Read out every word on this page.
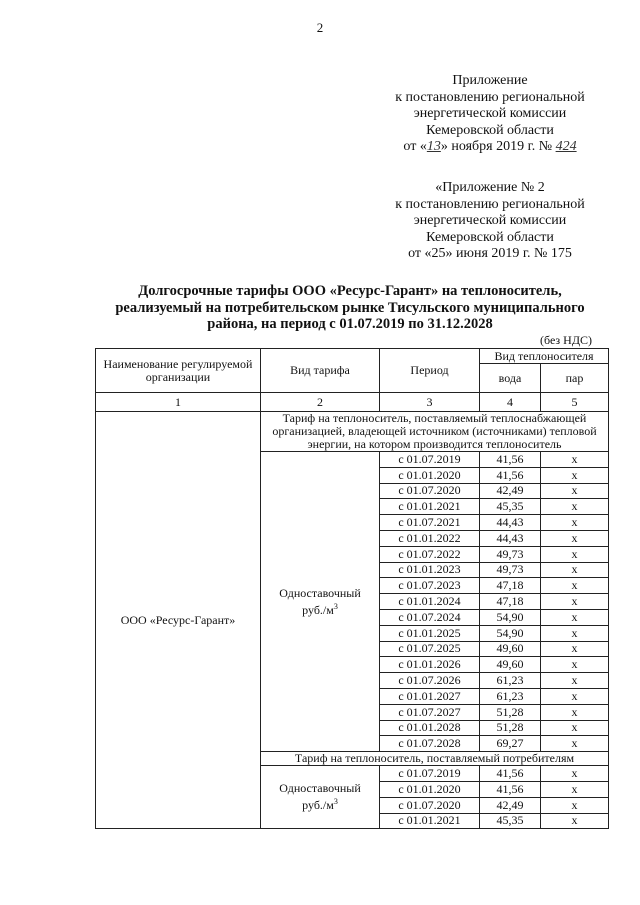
2
Приложение
к постановлению региональной
энергетической комиссии
Кемеровской области
от «13» ноября 2019 г. № 424
«Приложение № 2
к постановлению региональной
энергетической комиссии
Кемеровской области
от «25» июня 2019 г. № 175
Долгосрочные тарифы ООО «Ресурс-Гарант» на теплоноситель,
реализуемый на потребительском рынке Тисульского муниципального
района, на период с 01.07.2019 по 31.12.2028
(без НДС)
Наименование регулируемой организации	Вид тарифа	Период	Вид теплоносителя	
			вода	пар
1	2	3	4	5
ООО «Ресурс-Гарант»	Тариф на теплоноситель, поставляемый теплоснабжающей организацией, владеющей источником (источниками) тепловой энергии, на котором производится теплоноситель			

	Одноставочный
$руб./м^3$	с 01.07.2019	41,56	х
		с 01.01.2020	41,56	х
		с 01.07.2020	42,49	х
		с 01.01.2021	45,35	х
		с 01.07.2021	44,43	х
		с 01.01.2022	44,43	х
		с 01.07.2022	49,73	х
		с 01.01.2023	49,73	х
		с 01.07.2023	47,18	х
		с 01.01.2024	47,18	х
		с 01.07.2024	54,90	х
		с 01.01.2025	54,90	х
		с 01.07.2025	49,60	х
		с 01.01.2026	49,60	х
		с 01.07.2026	61,23	х
		с 01.01.2027	61,23	х
		с 01.07.2027	51,28	х
		с 01.01.2028	51,28	х
		с 01.07.2028	69,27	х
	Тариф на теплоноситель, поставляемый потребителям			

	Одноставочный
$руб./м^3$	с 01.07.2019	41,56	х
		с 01.01.2020	41,56	х
		с 01.07.2020	42,49	х
		с 01.01.2021	45,35	х
